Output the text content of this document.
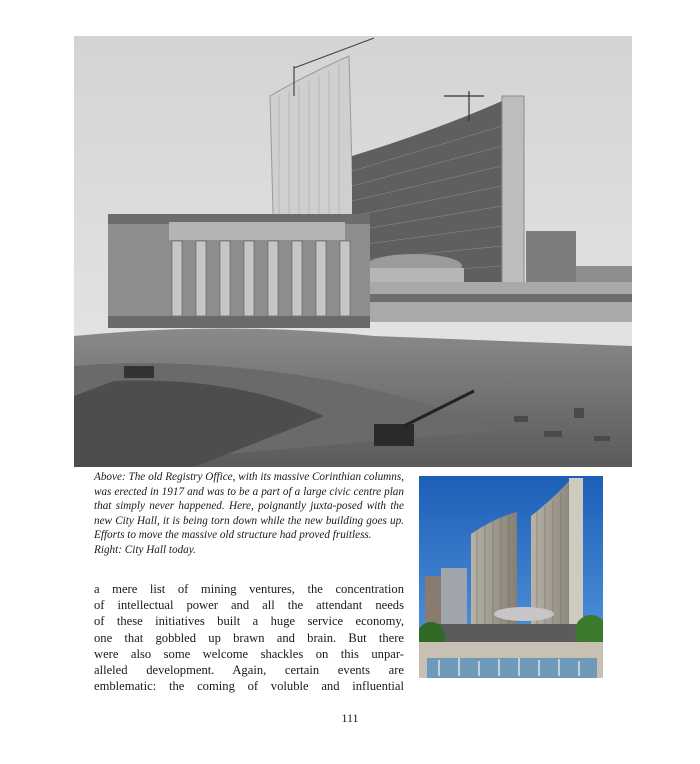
Above: The old Registry Office, with its massive Corinthian columns, was erected in 1917 and was to be a part of a large civic centre plan that simply never happened. Here, poignantly juxta-posed with the new City Hall, it is being torn down while the new building goes up. Efforts to move the massive old structure had proved fruitless.

Right: City Hall today.

a mere list of mining ventures, the concentration
of intellectual power and all the attendant needs
of these initiatives built a huge service economy,
one that gobbled up brawn and brain. But there
were also some welcome shackles on this unpar-
alleled development. Again, certain events are
emblematic: the coming of voluble and influential
111
